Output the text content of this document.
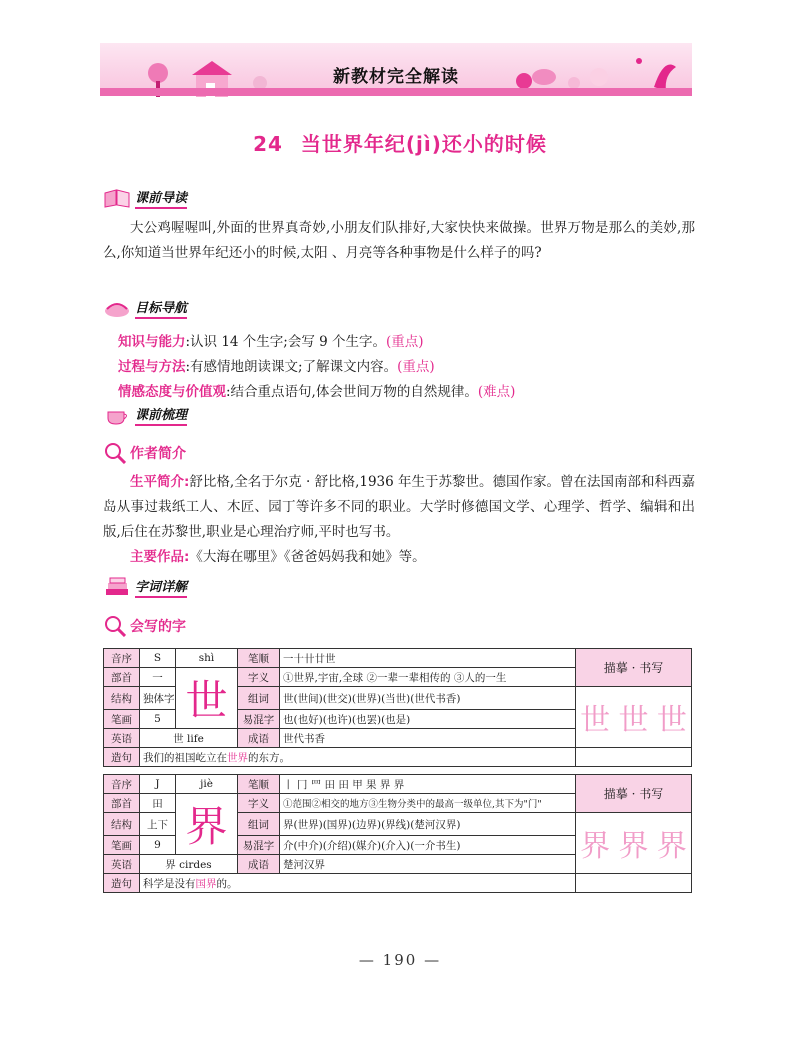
新教材完全解读
24 当世界年纪(jì)还小的时候
课前导读
大公鸡喔喔叫,外面的世界真奇妙,小朋友们队排好,大家快快来做操。世界万物是那么的美妙,那么,你知道当世界年纪还小的时候,太阳 、月亮等各种事物是什么样子的吗?
目标导航
知识与能力:认识 14 个生字;会写 9 个生字。(重点)
过程与方法:有感情地朗读课文;了解课文内容。(重点)
情感态度与价值观:结合重点语句,体会世间万物的自然规律。(难点)
课前梳理
作者简介
生平简介:舒比格,全名于尔克 · 舒比格,1936 年生于苏黎世。德国作家。曾在法国南部和科西嘉岛从事过栽纸工人、木匠、园丁等许多不同的职业。大学时修德国文学、心理学、哲学、编辑和出版,后住在苏黎世,职业是心理治疗师,平时也写书。
主要作品:《大海在哪里》《爸爸妈妈我和她》等。
字词详解
会写的字
音序	S	shì	笔顺	一十卄廿世	描摹 · 书写
部首	一	世	字义	①世界,宇宙,全球 ②一辈一辈相传的 ③人的一生	
结构	独体字		组词	世(世间)(世交)(世界)(当世)(世代书香)	世 世 世

笔画	5		易混字	也(也好)(也许)(也罢)(也是)	
英语	世 life		成语	世代书香	
造句	我们的祖国屹立在世界的东方。				
音序	J	jiè	笔顺	丨 冂 罒 田 田 甲 果 界 界	描摹 · 书写
部首	田	界	字义	①范围②相交的地方③生物分类中的最高一级单位,其下为"门"	
结构	上下		组词	界(世界)(国界)(边界)(界线)(楚河汉界)	界 界 界

笔画	9		易混字	介(中介)(介绍)(媒介)(介入)(一介书生)	
英语	界 cirdes		成语	楚河汉界	
造句	科学是没有国界的。				
— 190 —
